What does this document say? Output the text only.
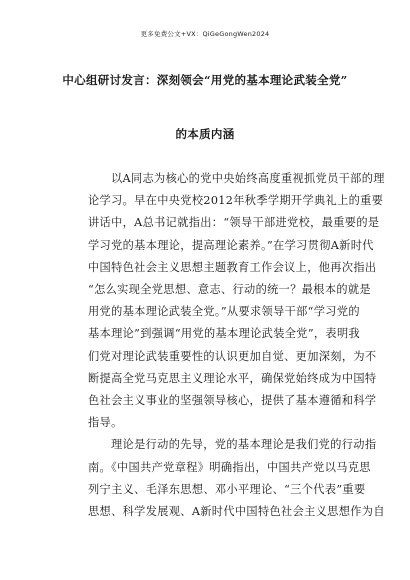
更多免费公文+VX：QiGeGongWen2024
中心组研讨发言：深刻领会“用党的基本理论武装全党”
的本质内涵
以A同志为核心的党中央始终高度重视抓党员干部的理
论学习。早在中央党校2012年秋季学期开学典礼上的重要
讲话中，A总书记就指出：“领导干部进党校，最重要的是
学习党的基本理论，提高理论素养。”在学习贯彻A新时代
中国特色社会主义思想主题教育工作会议上，他再次指出
“怎么实现全党思想、意志、行动的统一？最根本的就是
用党的基本理论武装全党。”从要求领导干部“学习党的
基本理论”到强调“用党的基本理论武装全党”，表明我
们党对理论武装重要性的认识更加自觉、更加深刻，为不
断提高全党马克思主义理论水平，确保党始终成为中国特
色社会主义事业的坚强领导核心，提供了基本遵循和科学
指导。
理论是行动的先导，党的基本理论是我们党的行动指
南。《中国共产党章程》明确指出，中国共产党以马克思
列宁主义、毛泽东思想、邓小平理论、“三个代表”重要
思想、科学发展观、A新时代中国特色社会主义思想作为自
